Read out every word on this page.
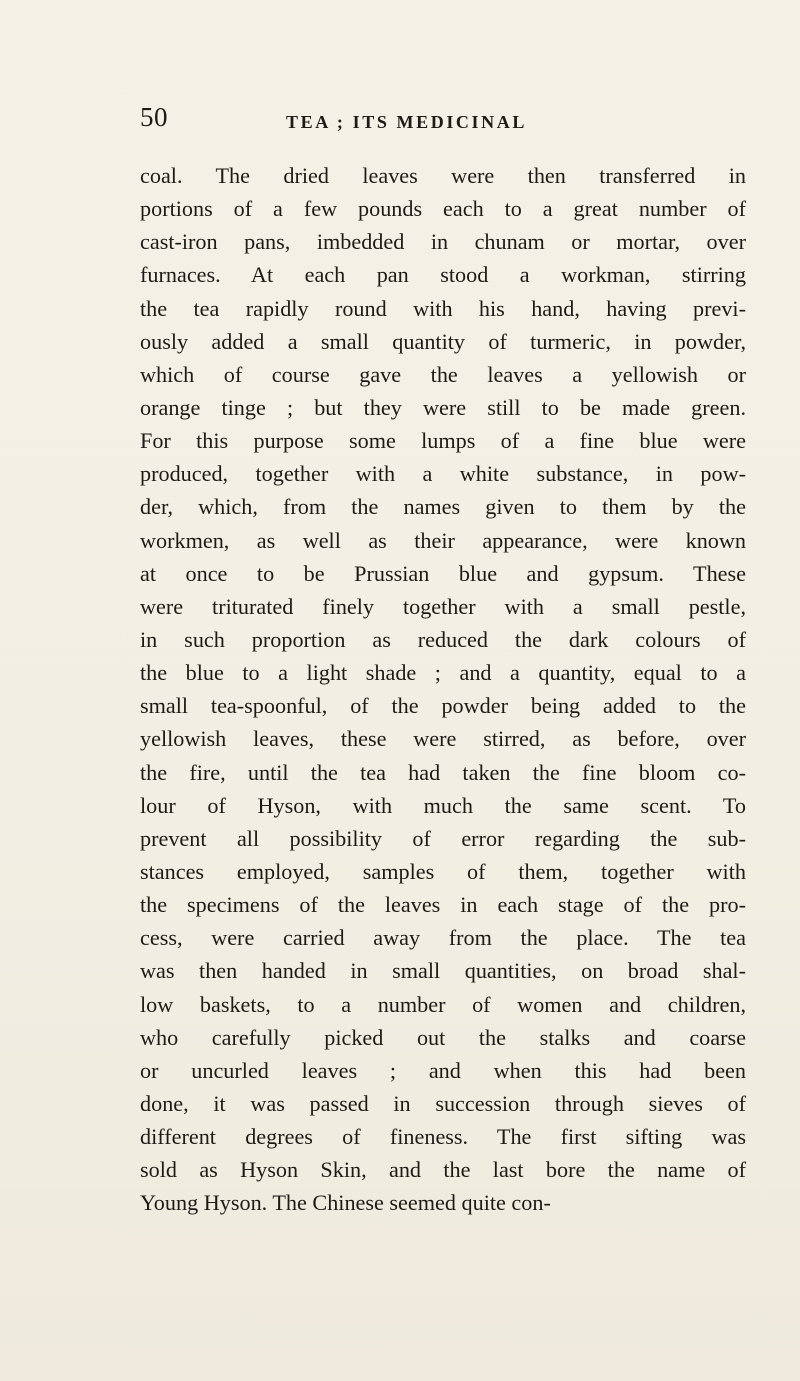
50	TEA ; ITS MEDICINAL
coal. The dried leaves were then transferred in
portions of a few pounds each to a great number of
cast-iron pans, imbedded in chunam or mortar, over
furnaces. At each pan stood a workman, stirring
the tea rapidly round with his hand, having previ-
ously added a small quantity of turmeric, in powder,
which of course gave the leaves a yellowish or
orange tinge ; but they were still to be made green.
For this purpose some lumps of a fine blue were
produced, together with a white substance, in pow-
der, which, from the names given to them by the
workmen, as well as their appearance, were known
at once to be Prussian blue and gypsum. These
were triturated finely together with a small pestle,
in such proportion as reduced the dark colours of
the blue to a light shade ; and a quantity, equal to a
small tea-spoonful, of the powder being added to the
yellowish leaves, these were stirred, as before, over
the fire, until the tea had taken the fine bloom co-
lour of Hyson, with much the same scent. To
prevent all possibility of error regarding the sub-
stances employed, samples of them, together with
the specimens of the leaves in each stage of the pro-
cess, were carried away from the place. The tea
was then handed in small quantities, on broad shal-
low baskets, to a number of women and children,
who carefully picked out the stalks and coarse
or uncurled leaves ; and when this had been
done, it was passed in succession through sieves of
different degrees of fineness. The first sifting was
sold as Hyson Skin, and the last bore the name of
Young Hyson. The Chinese seemed quite con-
